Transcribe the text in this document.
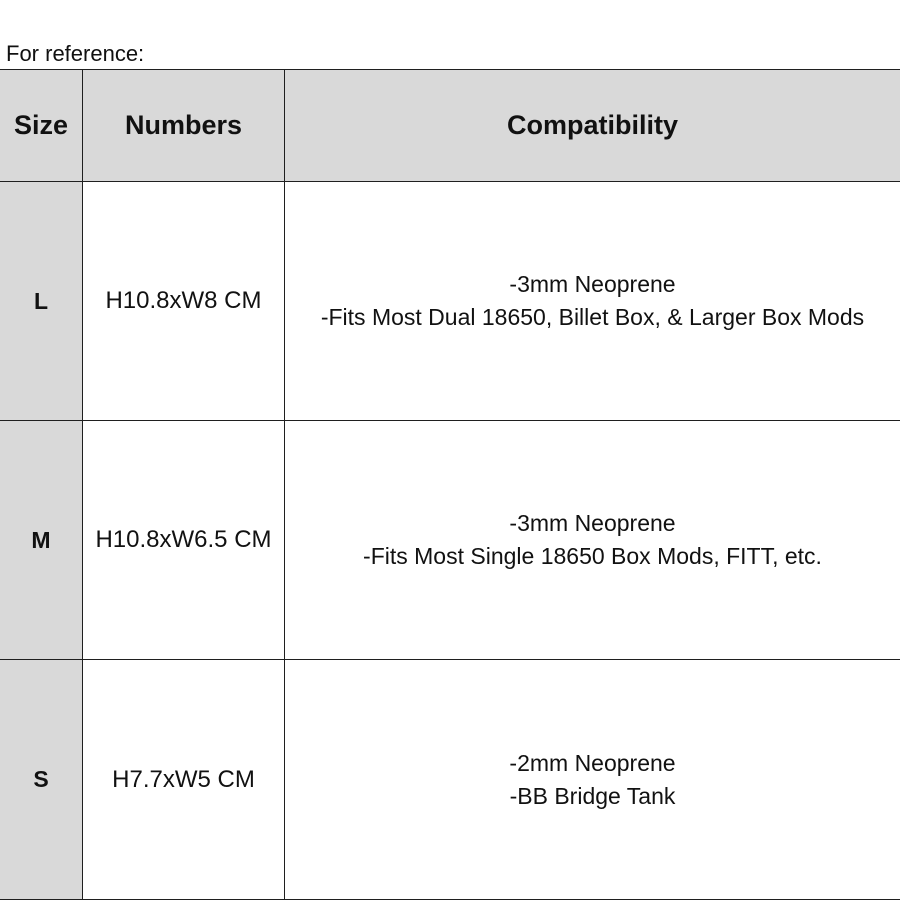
For reference:
Size	Numbers	Compatibility
L	H10.8xW8 CM
-3mm Neoprene
-Fits Most Dual 18650, Billet Box, & Larger Box Mods
M	H10.8xW6.5 CM
-3mm Neoprene
-Fits Most Single 18650 Box Mods, FITT, etc.
S	H7.7xW5 CM
-2mm Neoprene
-BB Bridge Tank
